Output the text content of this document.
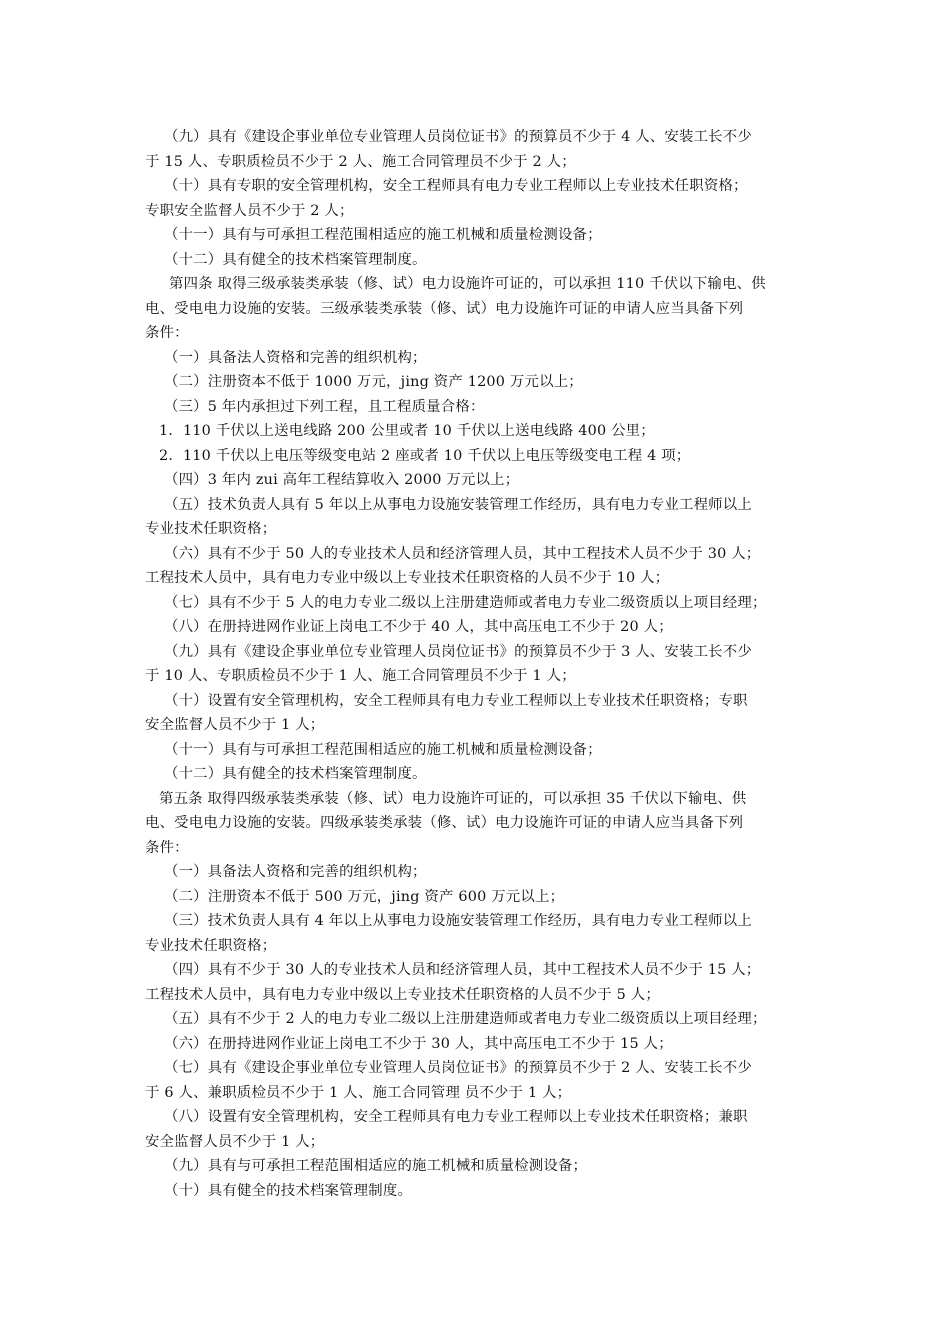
（九）具有《建设企事业单位专业管理人员岗位证书》的预算员不少于 4 人、安装工长不少
于 15 人、专职质检员不少于 2 人、施工合同管理员不少于 2 人；
（十）具有专职的安全管理机构，安全工程师具有电力专业工程师以上专业技术任职资格；
专职安全监督人员不少于 2 人；
（十一）具有与可承担工程范围相适应的施工机械和质量检测设备；
（十二）具有健全的技术档案管理制度。
第四条 取得三级承装类承装（修、试）电力设施许可证的，可以承担 110 千伏以下输电、供
电、受电电力设施的安装。三级承装类承装（修、试）电力设施许可证的申请人应当具备下列
条件：
（一）具备法人资格和完善的组织机构；
（二）注册资本不低于 1000 万元，jing 资产 1200 万元以上；
（三）5 年内承担过下列工程，且工程质量合格：
1．110 千伏以上送电线路 200 公里或者 10 千伏以上送电线路 400 公里；
2．110 千伏以上电压等级变电站 2 座或者 10 千伏以上电压等级变电工程 4 项；
（四）3 年内 zui 高年工程结算收入 2000 万元以上；
（五）技术负责人具有 5 年以上从事电力设施安装管理工作经历，具有电力专业工程师以上
专业技术任职资格；
（六）具有不少于 50 人的专业技术人员和经济管理人员，其中工程技术人员不少于 30 人；
工程技术人员中，具有电力专业中级以上专业技术任职资格的人员不少于 10 人；
（七）具有不少于 5 人的电力专业二级以上注册建造师或者电力专业二级资质以上项目经理；
（八）在册持进网作业证上岗电工不少于 40 人，其中高压电工不少于 20 人；
（九）具有《建设企事业单位专业管理人员岗位证书》的预算员不少于 3 人、安装工长不少
于 10 人、专职质检员不少于 1 人、施工合同管理员不少于 1 人；
（十）设置有安全管理机构，安全工程师具有电力专业工程师以上专业技术任职资格；专职
安全监督人员不少于 1 人；
（十一）具有与可承担工程范围相适应的施工机械和质量检测设备；
（十二）具有健全的技术档案管理制度。
第五条 取得四级承装类承装（修、试）电力设施许可证的，可以承担 35 千伏以下输电、供
电、受电电力设施的安装。四级承装类承装（修、试）电力设施许可证的申请人应当具备下列
条件：
（一）具备法人资格和完善的组织机构；
（二）注册资本不低于 500 万元，jing 资产 600 万元以上；
（三）技术负责人具有 4 年以上从事电力设施安装管理工作经历，具有电力专业工程师以上
专业技术任职资格；
（四）具有不少于 30 人的专业技术人员和经济管理人员，其中工程技术人员不少于 15 人；
工程技术人员中，具有电力专业中级以上专业技术任职资格的人员不少于 5 人；
（五）具有不少于 2 人的电力专业二级以上注册建造师或者电力专业二级资质以上项目经理；
（六）在册持进网作业证上岗电工不少于 30 人，其中高压电工不少于 15 人；
（七）具有《建设企事业单位专业管理人员岗位证书》的预算员不少于 2 人、安装工长不少
于 6 人、兼职质检员不少于 1 人、施工合同管理 员不少于 1 人；
（八）设置有安全管理机构，安全工程师具有电力专业工程师以上专业技术任职资格；兼职
安全监督人员不少于 1 人；
（九）具有与可承担工程范围相适应的施工机械和质量检测设备；
（十）具有健全的技术档案管理制度。
